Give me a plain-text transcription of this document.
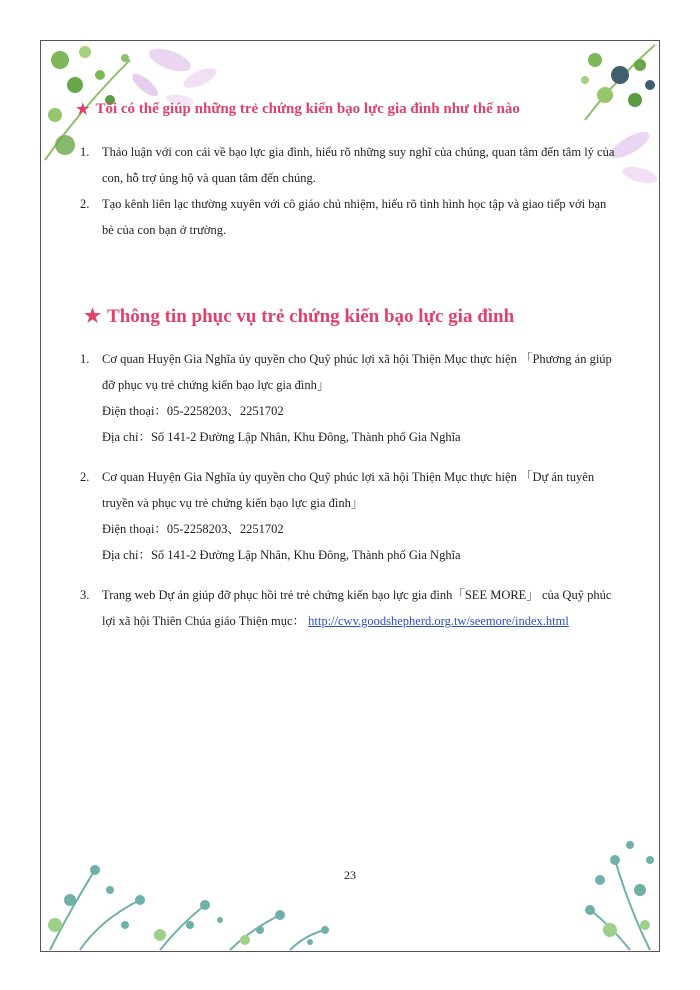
★ Tôi có thể giúp những trẻ chứng kiến bạo lực gia đình như thế nào
1.	Thảo luận với con cái về bạo lực gia đình, hiểu rõ những suy nghĩ của chúng, quan tâm đến tâm lý của
con, hỗ trợ ủng hộ và quan tâm đến chúng.
2.	Tạo kênh liên lạc thường xuyên với cô giáo chủ nhiệm, hiểu rõ tình hình học tập và giao tiếp với bạn
bè của con bạn ở trường.
★ Thông tin phục vụ trẻ chứng kiến bạo lực gia đình
1.	Cơ quan Huyện Gia Nghĩa ủy quyền cho Quỹ phúc lợi xã hội Thiện Mục thực hiện 「Phương án giúp
đỡ phục vụ trẻ chứng kiến bạo lực gia đình」
Điện thoại：05-2258203、2251702
Địa chỉ：Số 141-2 Đường Lập Nhân, Khu Đông, Thành phố Gia Nghĩa
2.	Cơ quan Huyện Gia Nghĩa ủy quyền cho Quỹ phúc lợi xã hội Thiện Mục thực hiện 「Dự án tuyên
truyền và phục vụ trẻ chứng kiến bạo lực gia đình」
Điện thoại：05-2258203、2251702
Địa chỉ：Số 141-2 Đường Lập Nhân, Khu Đông, Thành phố Gia Nghĩa
3.	Trang web Dự án giúp đỡ phục hồi trẻ trẻ chứng kiến bạo lực gia đình「SEE MORE」 của Quỹ phúc
lợi xã hội Thiên Chúa giáo Thiện mục： http://cwv.goodshepherd.org.tw/seemore/index.html
23
